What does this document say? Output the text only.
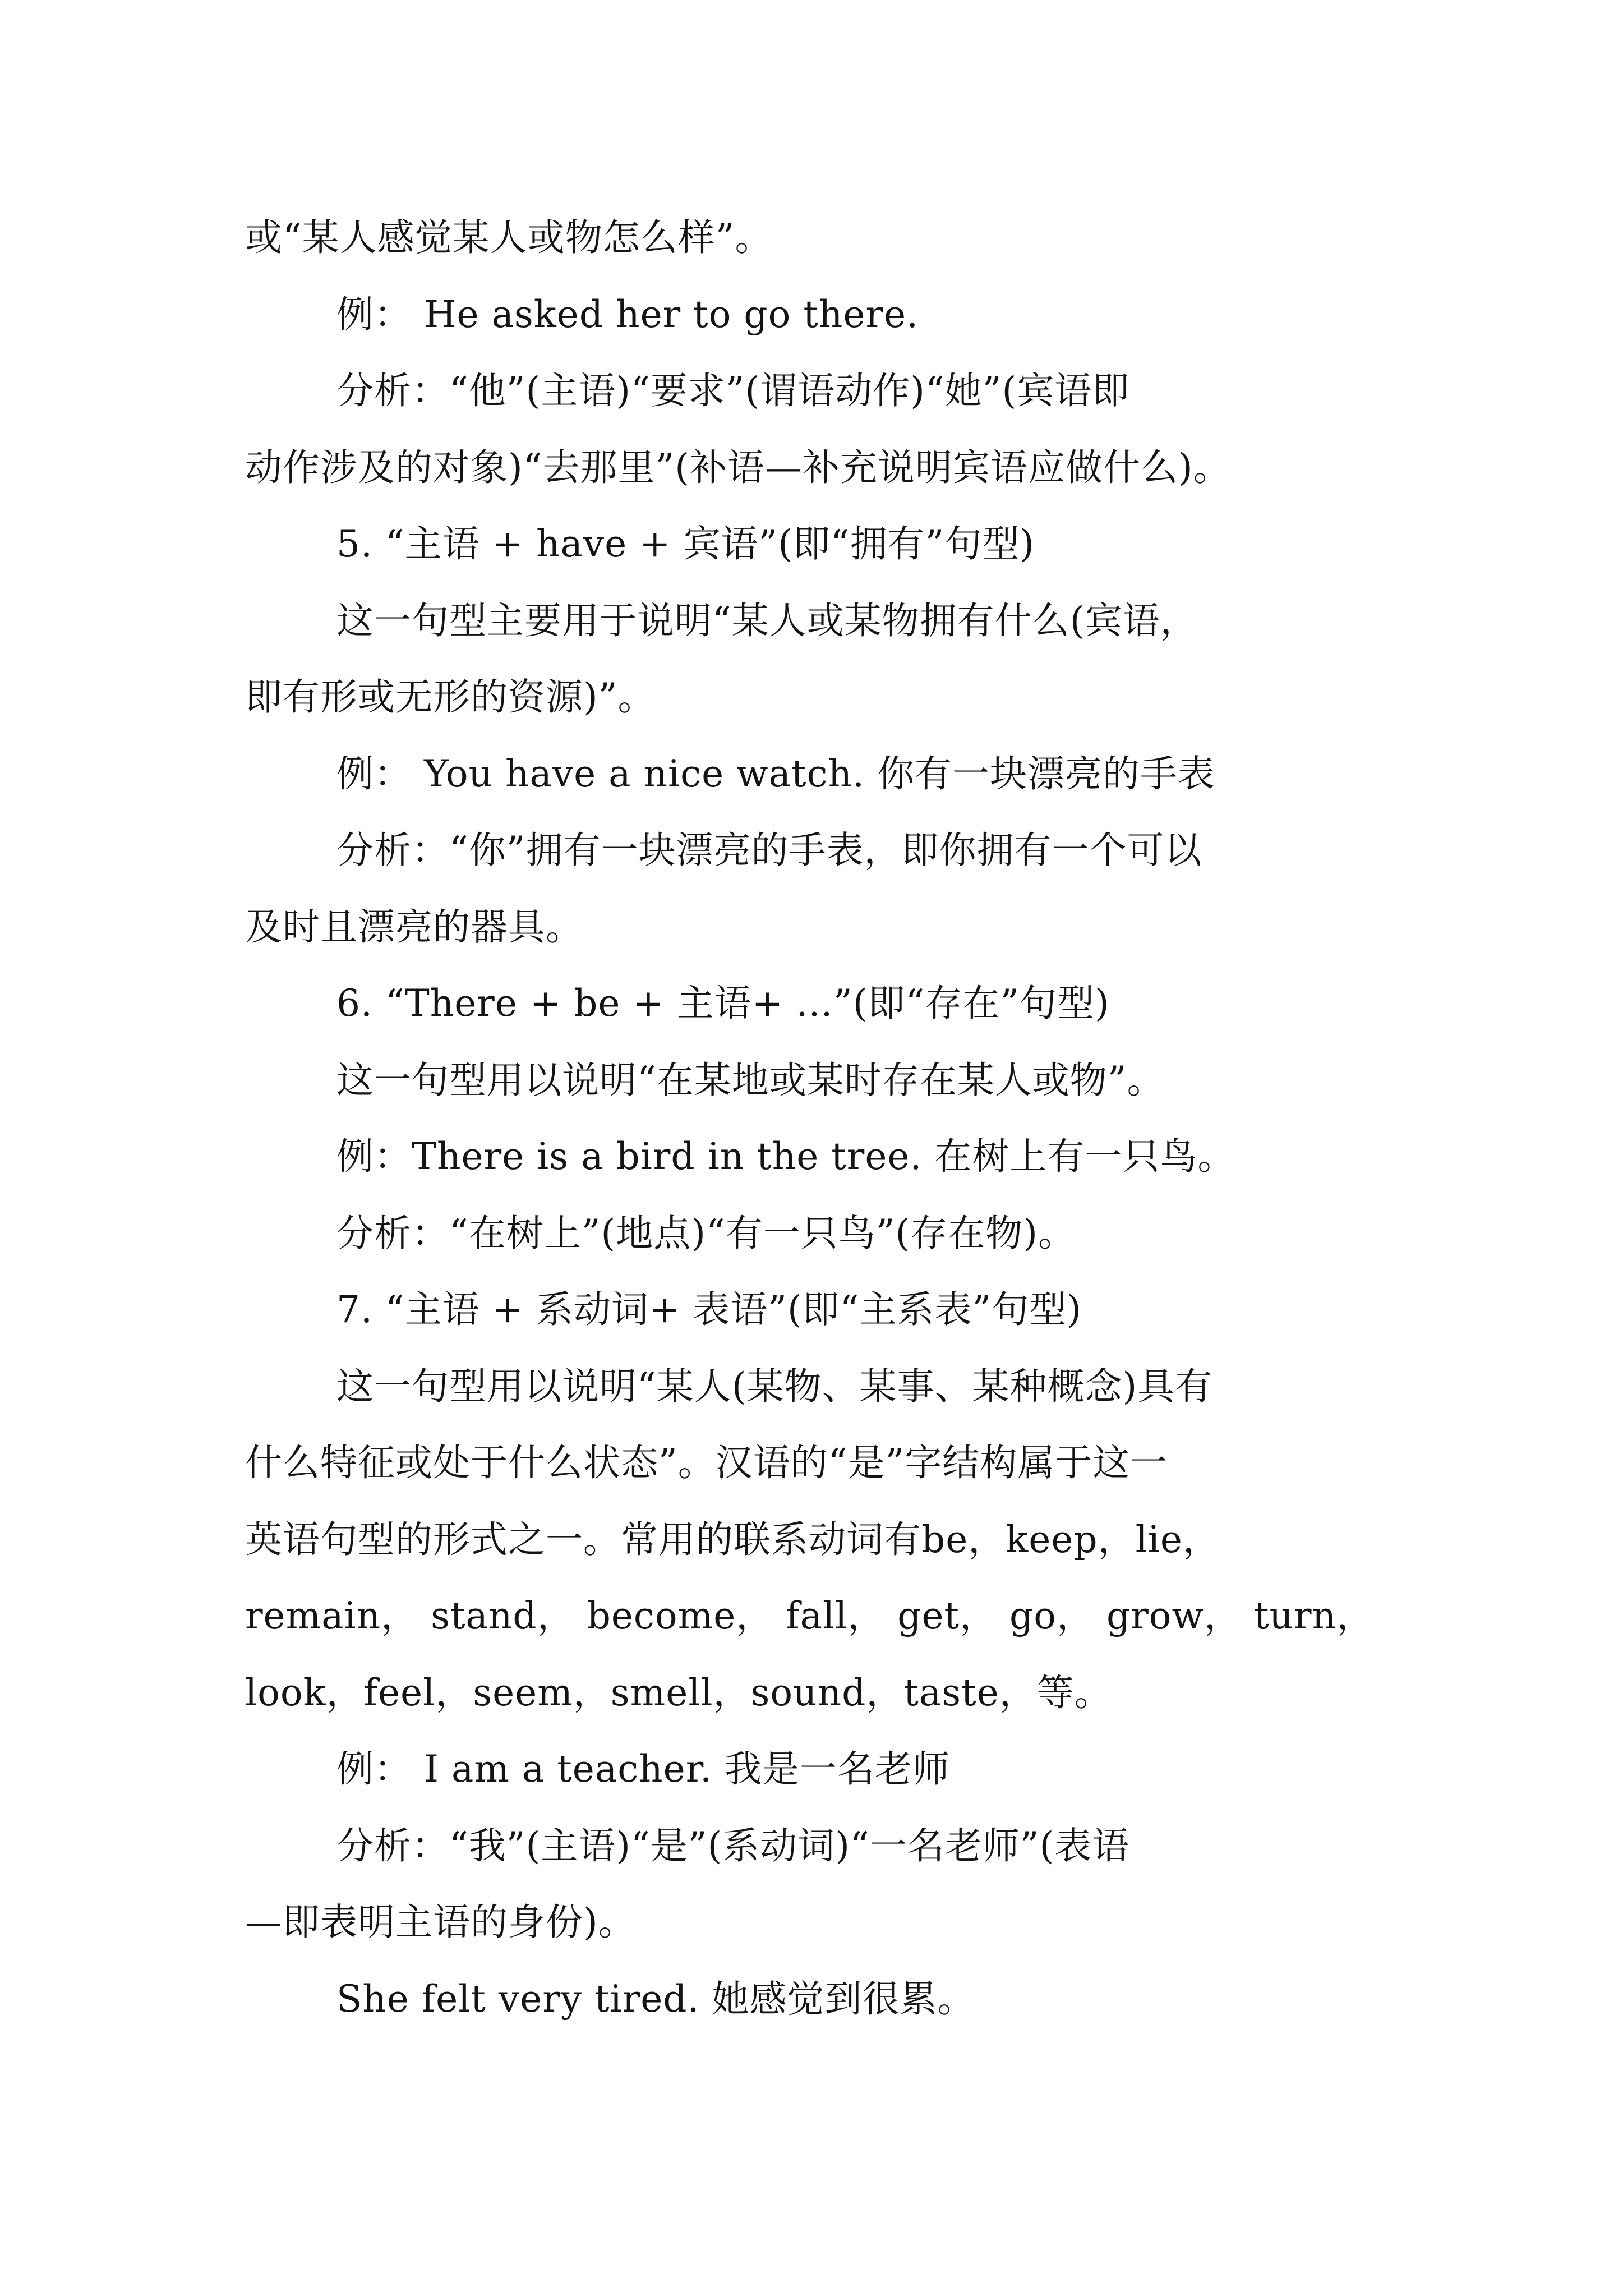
或“某人感觉某人或物怎么样”。
例： He asked her to go there.
分析：“他”(主语)“要求”(谓语动作)“她”(宾语即
动作涉及的对象)“去那里”(补语—补充说明宾语应做什么)。
5. “主语 + have + 宾语”(即“拥有”句型)
这一句型主要用于说明“某人或某物拥有什么(宾语，
即有形或无形的资源)”。
例： You have a nice watch. 你有一块漂亮的手表
分析：“你”拥有一块漂亮的手表，即你拥有一个可以
及时且漂亮的器具。
6. “There + be + 主语+ …”(即“存在”句型)
这一句型用以说明“在某地或某时存在某人或物”。
例：There is a bird in the tree. 在树上有一只鸟。
分析：“在树上”(地点)“有一只鸟”(存在物)。
7. “主语 + 系动词+ 表语”(即“主系表”句型)
这一句型用以说明“某人(某物、某事、某种概念)具有
什么特征或处于什么状态”。汉语的“是”字结构属于这一
英语句型的形式之一。常用的联系动词有be，keep，lie，
remain， stand， become， fall， get， go， grow， turn，
look，feel，seem，smell，sound，taste，等。
例： I am a teacher. 我是一名老师
分析：“我”(主语)“是”(系动词)“一名老师”(表语
—即表明主语的身份)。
She felt very tired. 她感觉到很累。
